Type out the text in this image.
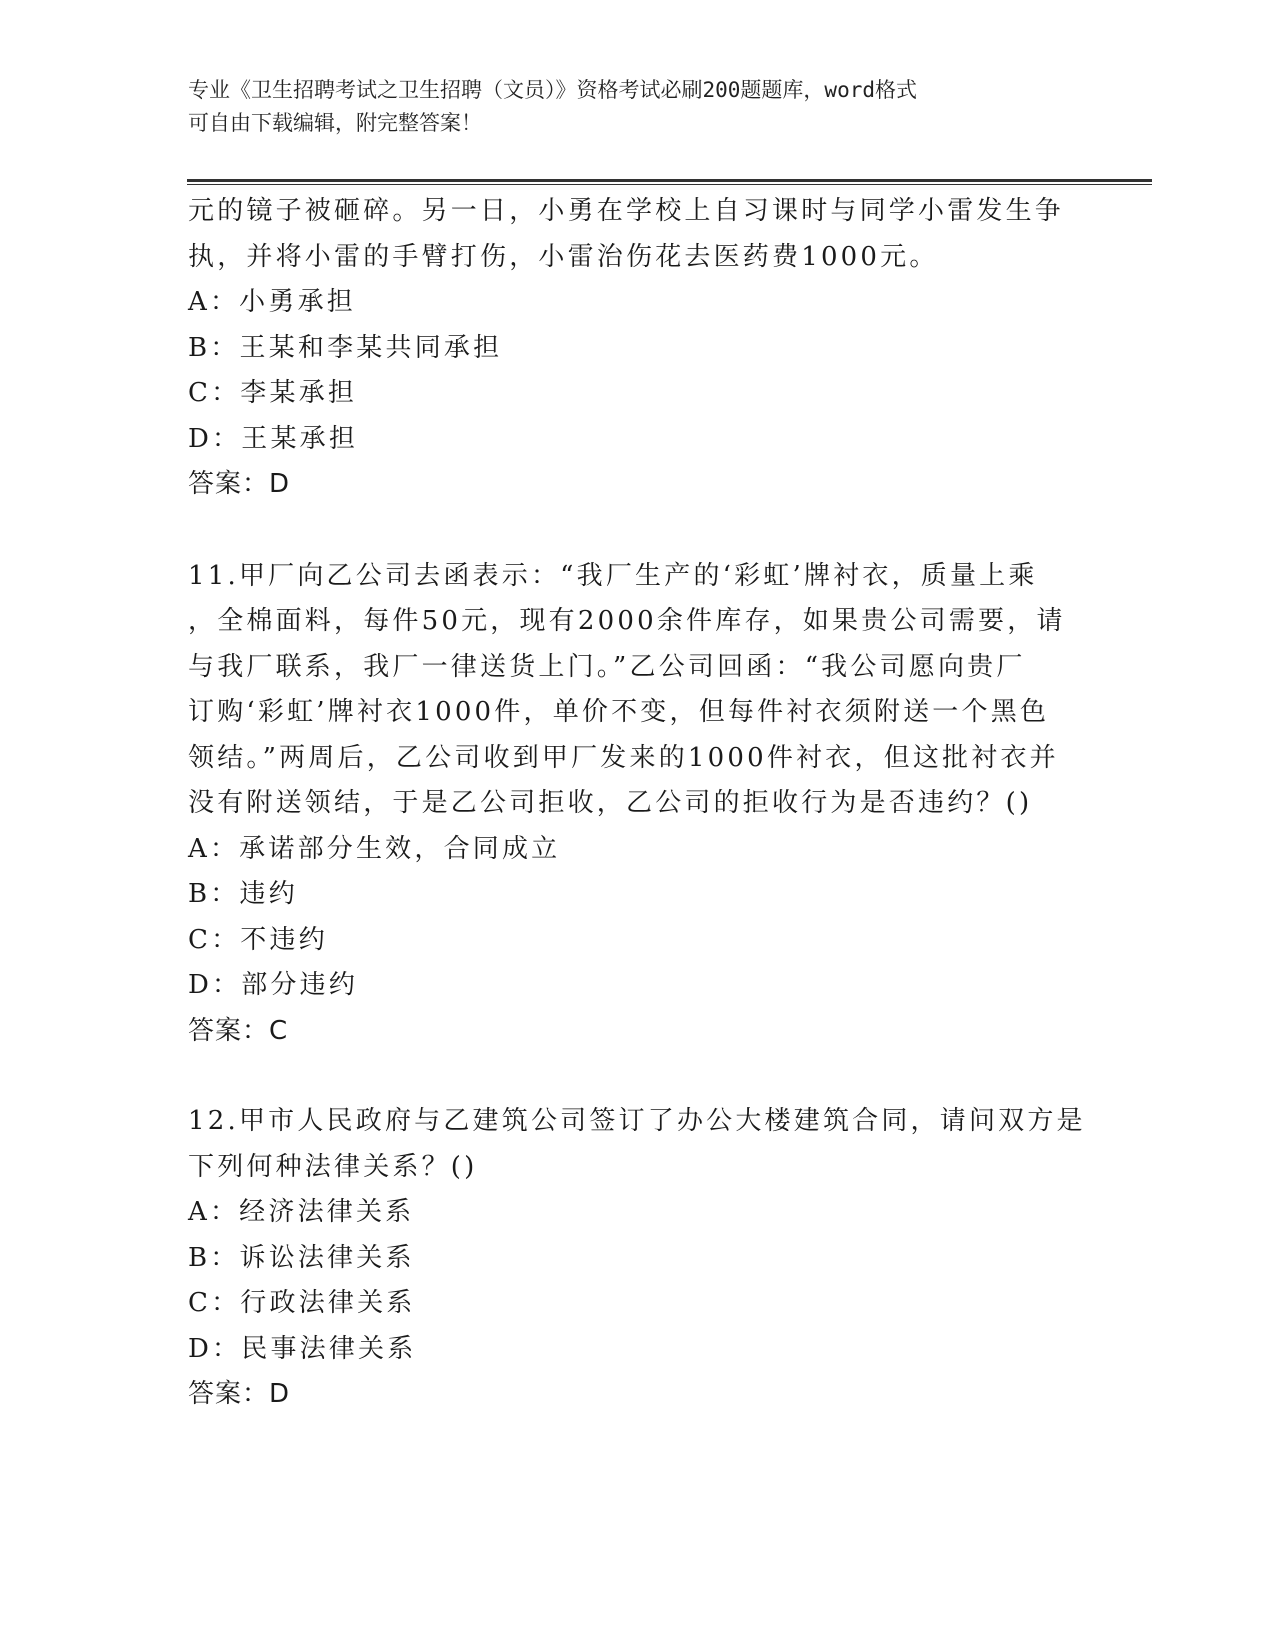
专业《卫生招聘考试之卫生招聘（文员）》资格考试必刷200题题库，word格式
可自由下载编辑，附完整答案！
元的镜子被砸碎。另一日，小勇在学校上自习课时与同学小雷发生争
执，并将小雷的手臂打伤，小雷治伤花去医药费1000元。
A：小勇承担
B：王某和李某共同承担
C：李某承担
D：王某承担
答案：D
11.甲厂向乙公司去函表示：“我厂生产的‘彩虹’牌衬衣，质量上乘
，全棉面料，每件50元，现有2000余件库存，如果贵公司需要，请
与我厂联系，我厂一律送货上门。”乙公司回函：“我公司愿向贵厂
订购‘彩虹’牌衬衣1000件，单价不变，但每件衬衣须附送一个黑色
领结。”两周后，乙公司收到甲厂发来的1000件衬衣，但这批衬衣并
没有附送领结，于是乙公司拒收，乙公司的拒收行为是否违约？()
A：承诺部分生效，合同成立
B：违约
C：不违约
D：部分违约
答案：C
12.甲市人民政府与乙建筑公司签订了办公大楼建筑合同，请问双方是
下列何种法律关系？()
A：经济法律关系
B：诉讼法律关系
C：行政法律关系
D：民事法律关系
答案：D
